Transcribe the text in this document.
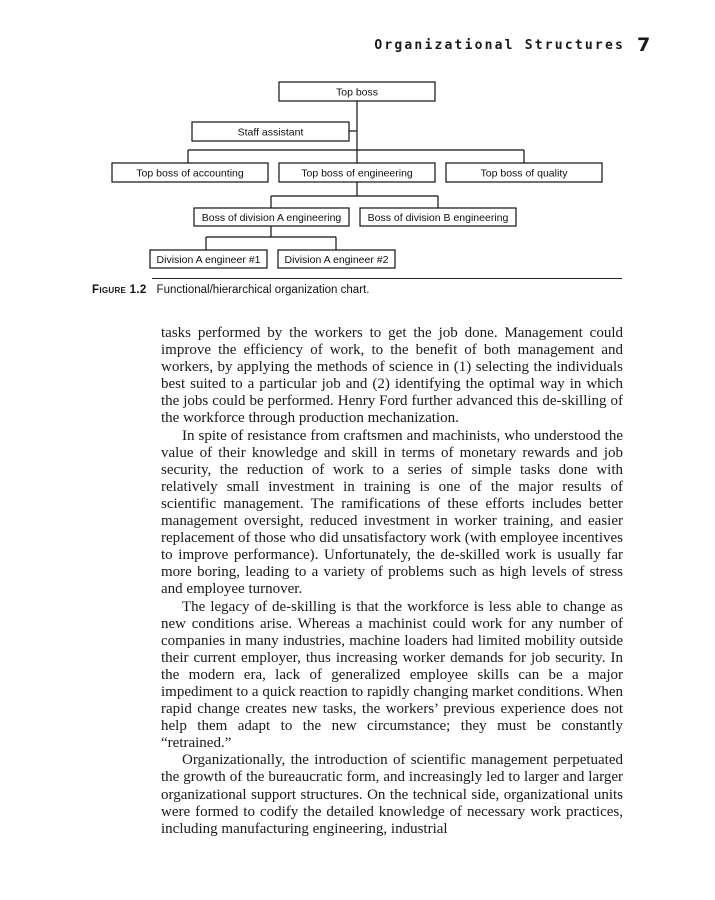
Organizational Structures 7
Top boss
Staff assistant
Top boss of accounting	Top boss of engineering	Top boss of quality
Boss of division A engineering	Boss of division B engineering
Division A engineer #1 Division A engineer #2
Figure 1.2 Functional/hierarchical organization chart.

tasks performed by the workers to get the job done. Management could improve the efficiency of work, to the benefit of both management and workers, by applying the methods of science in (1) selecting the individuals best suited to a particular job and (2) identifying the optimal way in which the jobs could be performed. Henry Ford further advanced this de-skilling of the workforce through production mechanization.

In spite of resistance from craftsmen and machinists, who understood the value of their knowledge and skill in terms of monetary rewards and job security, the reduction of work to a series of simple tasks done with relatively small investment in training is one of the major results of scientific management. The ramifications of these efforts includes better management oversight, reduced investment in worker training, and easier replacement of those who did unsatisfactory work (with employee incentives to improve performance). Unfortunately, the de-skilled work is usually far more boring, leading to a variety of problems such as high levels of stress and employee turnover.

The legacy of de-skilling is that the workforce is less able to change as new conditions arise. Whereas a machinist could work for any number of companies in many industries, machine loaders had limited mobility outside their current employer, thus increasing worker demands for job security. In the modern era, lack of generalized employee skills can be a major impediment to a quick reaction to rapidly changing market conditions. When rapid change creates new tasks, the workers’ previous experience does not help them adapt to the new circumstance; they must be constantly “retrained.”

Organizationally, the introduction of scientific management perpetuated the growth of the bureaucratic form, and increasingly led to larger and larger organizational support structures. On the technical side, organizational units were formed to codify the detailed knowledge of necessary work practices, including manufacturing engineering, industrial
